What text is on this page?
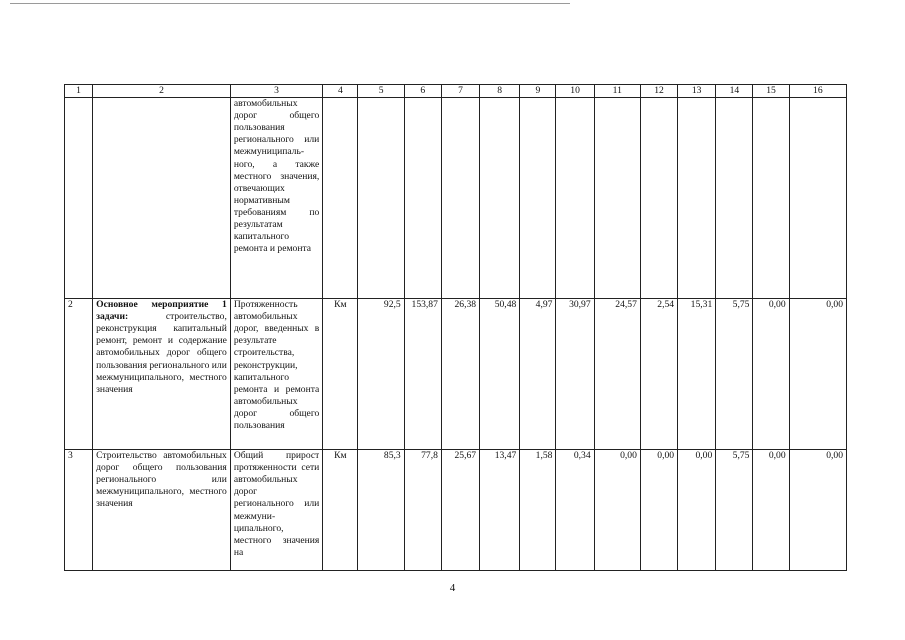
1	2	3	4	5	6	7	8	9	10	11	12	13	14	15	16

		автомобильных дорог общего пользования регионального или межмуниципаль-ного, а также местного значения, отвечающих нормативным требованиям по результатам капитального ремонта и ремонта													

2	Основное мероприятие 1 задачи: строительство, реконструкция капитальный ремонт, ремонт и содержание автомобильных дорог общего пользования регионального или межмуниципального, местного значения	Протяженность автомобильных дорог, введенных в результате строительства, реконструкции, капитального ремонта и ремонта автомобильных дорог общего пользования	Км	92,5	153,87	26,38	50,48	4,97	30,97	24,57	2,54	15,31	5,75	0,00	0,00
3	Строительство автомобильных дорог общего пользования регионального или межмуниципального, местного значения	Общий прирост протяженности сети автомобильных дорог регионального или межмуни-ципального, местного значения на	Км	85,3	77,8	25,67	13,47	1,58	0,34	0,00	0,00	0,00	5,75	0,00	0,00
4
